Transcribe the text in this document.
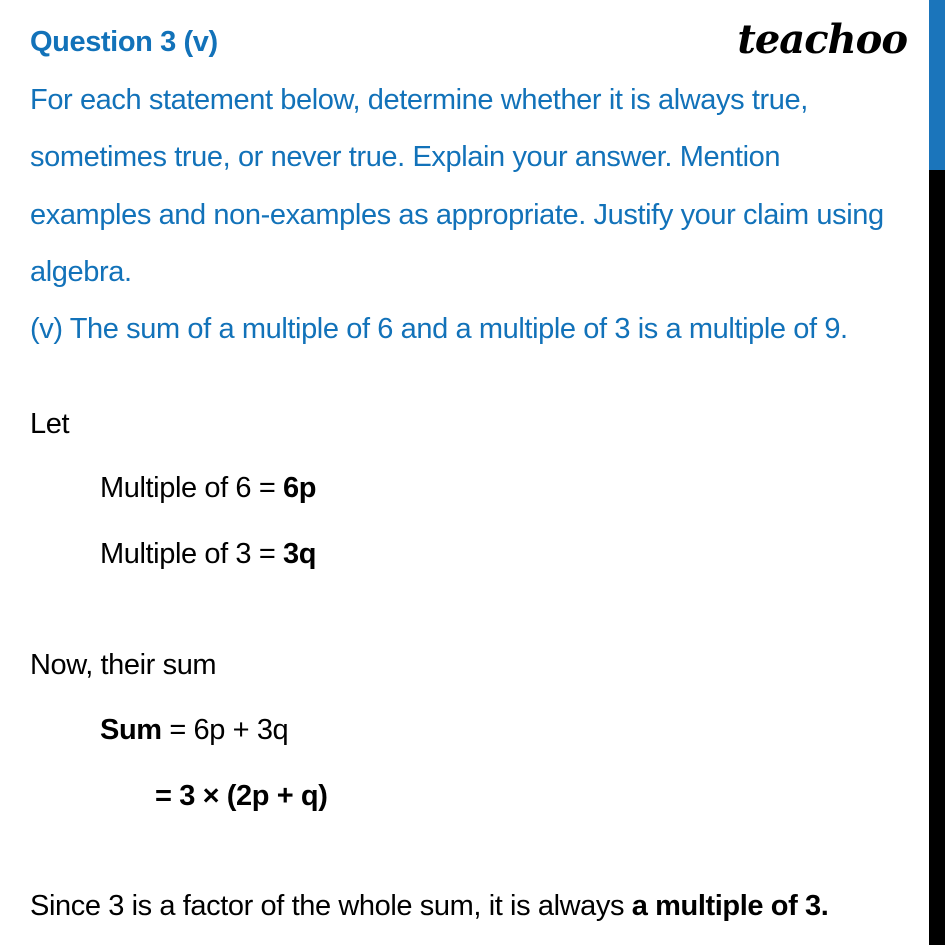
Question 3 (v)	teachoo
For each statement below, determine whether it is always true,
sometimes true, or never true. Explain your answer. Mention
examples and non-examples as appropriate. Justify your claim using
algebra.
(v) The sum of a multiple of 6 and a multiple of 3 is a multiple of 9.
Let
Multiple of 6 = 6p
Multiple of 3 = 3q
Now, their sum
Sum = 6p + 3q
= 3 × (2p + q)
Since 3 is a factor of the whole sum, it is always a multiple of 3.
